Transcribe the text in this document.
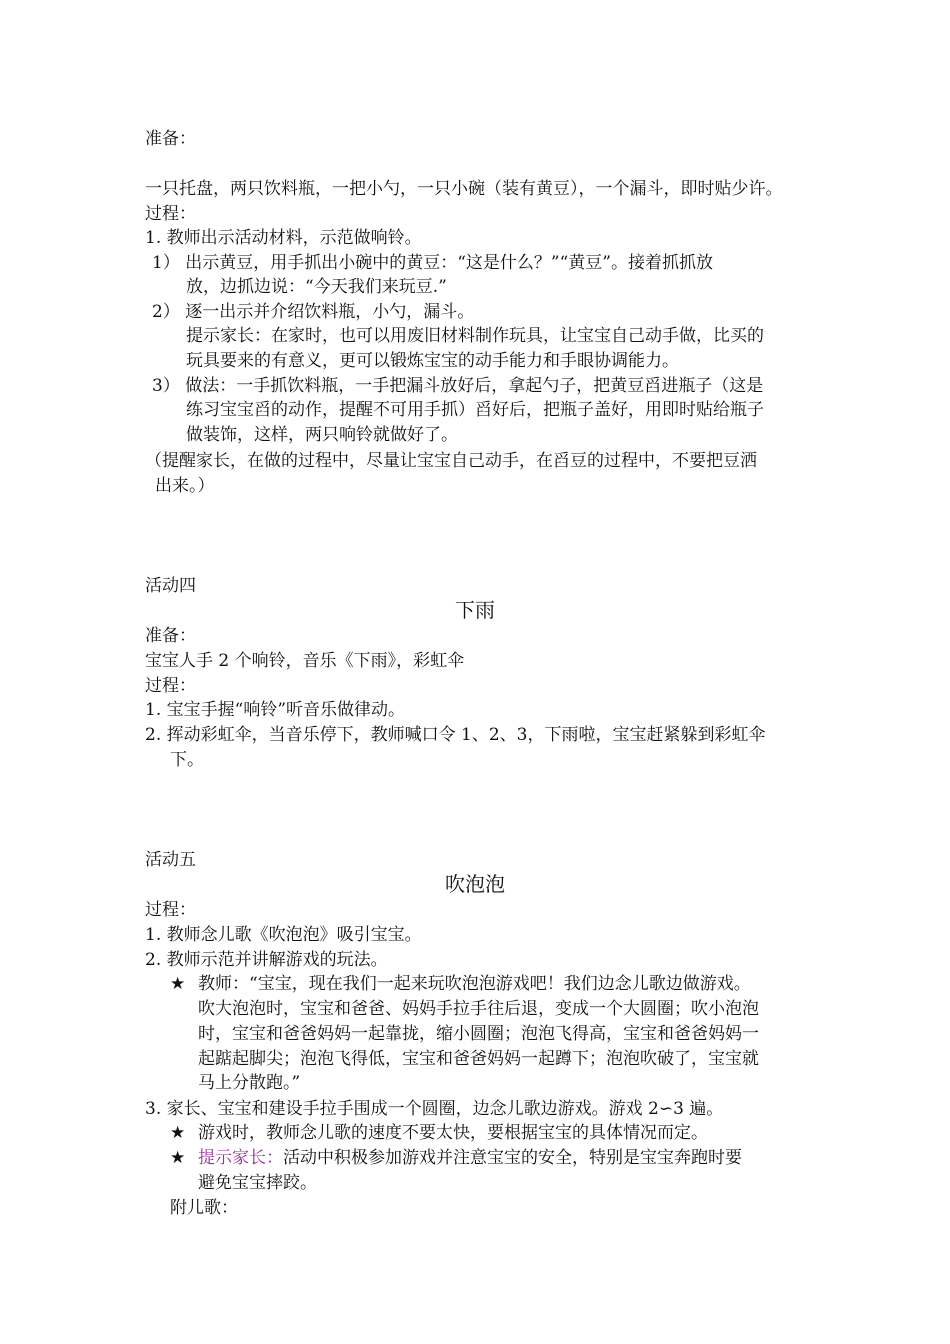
准备：
一只托盘，两只饮料瓶，一把小勺，一只小碗（装有黄豆），一个漏斗，即时贴少许。
过程：
1. 教师出示活动材料，示范做响铃。
1） 出示黄豆，用手抓出小碗中的黄豆：“这是什么？”“黄豆”。接着抓抓放
放，边抓边说：“今天我们来玩豆.”
2） 逐一出示并介绍饮料瓶，小勺，漏斗。
提示家长：在家时，也可以用废旧材料制作玩具，让宝宝自己动手做，比买的
玩具要来的有意义，更可以锻炼宝宝的动手能力和手眼协调能力。
3） 做法：一手抓饮料瓶，一手把漏斗放好后，拿起勺子，把黄豆舀进瓶子（这是
练习宝宝舀的动作，提醒不可用手抓）舀好后，把瓶子盖好，用即时贴给瓶子
做装饰，这样，两只响铃就做好了。
（提醒家长，在做的过程中，尽量让宝宝自己动手，在舀豆的过程中，不要把豆洒
出来。）
活动四
下雨
准备：
宝宝人手 2 个响铃，音乐《下雨》，彩虹伞
过程：
1. 宝宝手握“响铃”听音乐做律动。
2. 挥动彩虹伞，当音乐停下，教师喊口令 1、2、3，下雨啦，宝宝赶紧躲到彩虹伞
下。
活动五
吹泡泡
过程：
1. 教师念儿歌《吹泡泡》吸引宝宝。
2. 教师示范并讲解游戏的玩法。
★ 教师：“宝宝，现在我们一起来玩吹泡泡游戏吧！我们边念儿歌边做游戏。
吹大泡泡时，宝宝和爸爸、妈妈手拉手往后退，变成一个大圆圈；吹小泡泡
时，宝宝和爸爸妈妈一起靠拢，缩小圆圈；泡泡飞得高，宝宝和爸爸妈妈一
起踮起脚尖；泡泡飞得低，宝宝和爸爸妈妈一起蹲下；泡泡吹破了，宝宝就
马上分散跑。”
3. 家长、宝宝和建设手拉手围成一个圆圈，边念儿歌边游戏。游戏 2∽3 遍。
★ 游戏时，教师念儿歌的速度不要太快，要根据宝宝的具体情况而定。
★ 提示家长：活动中积极参加游戏并注意宝宝的安全，特别是宝宝奔跑时要
避免宝宝摔跤。
附儿歌：
